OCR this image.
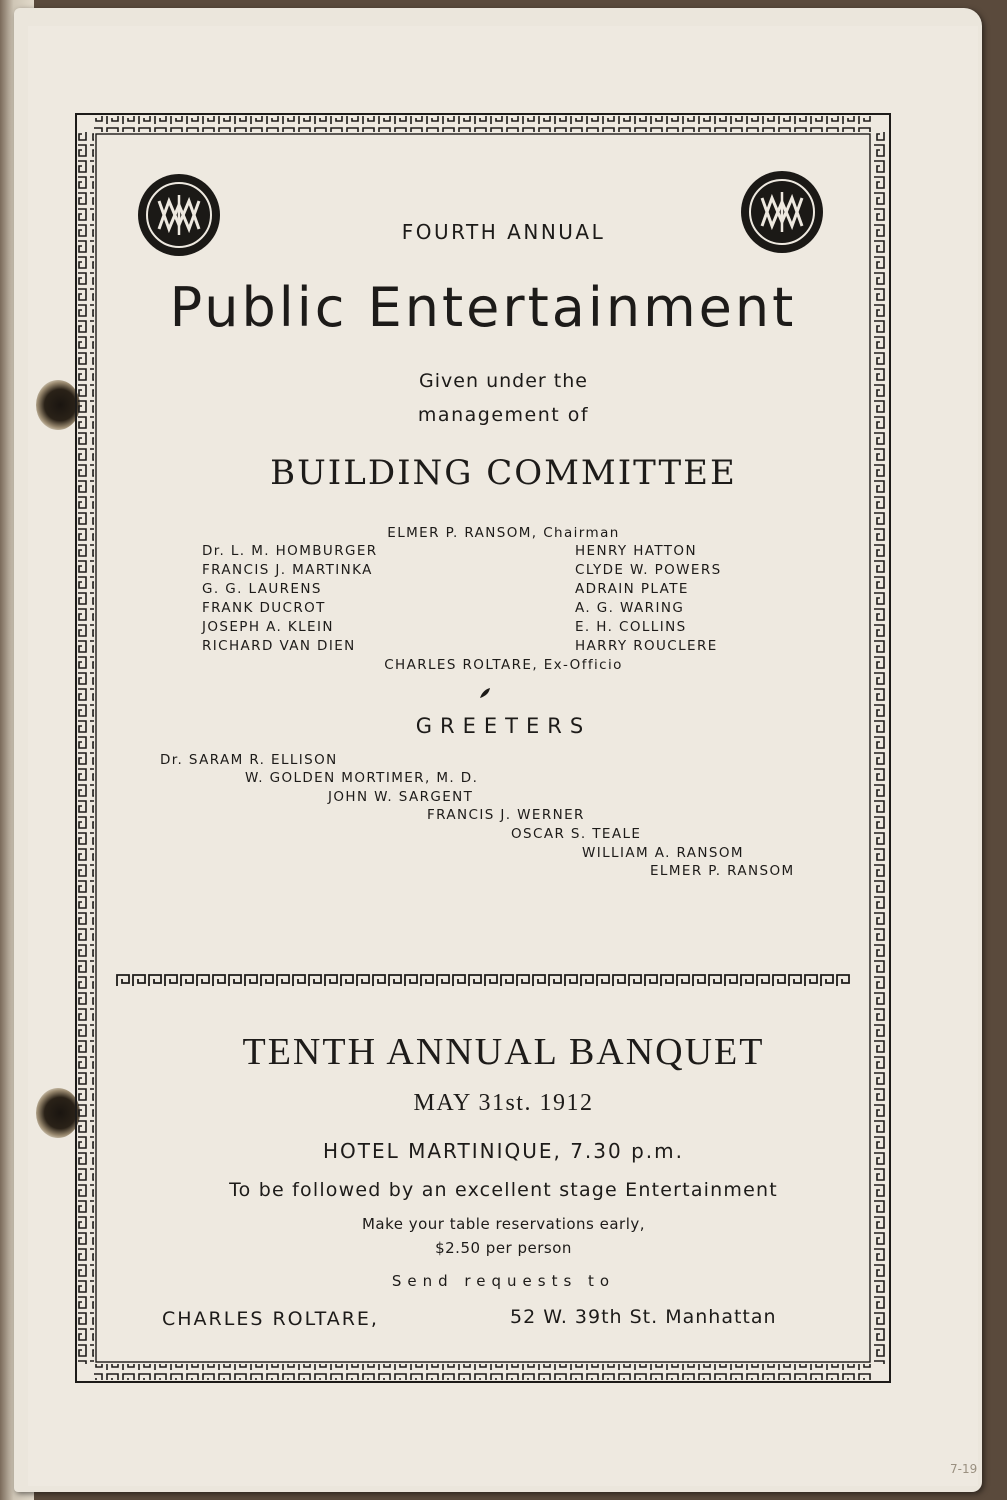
FOURTH ANNUAL
Public Entertainment
Given under the
management of
BUILDING COMMITTEE
ELMER P. RANSOM, Chairman
Dr. L. M. HOMBURGER
FRANCIS J. MARTINKA
G. G. LAURENS
FRANK DUCROT
JOSEPH A. KLEIN
RICHARD VAN DIEN
HENRY HATTON
CLYDE W. POWERS
ADRAIN PLATE
A. G. WARING
E. H. COLLINS
HARRY ROUCLERE
CHARLES ROLTARE, Ex-Officio
GREETERS
Dr. SARAM R. ELLISON
W. GOLDEN MORTIMER, M. D.
JOHN W. SARGENT
FRANCIS J. WERNER
OSCAR S. TEALE
WILLIAM A. RANSOM
ELMER P. RANSOM
TENTH ANNUAL BANQUET
MAY 31st. 1912
HOTEL MARTINIQUE, 7.30 p.m.
To be followed by an excellent stage Entertainment
Make your table reservations early,
$2.50 per person
Send requests to
CHARLES ROLTARE,	52 W. 39th St. Manhattan
7-19
